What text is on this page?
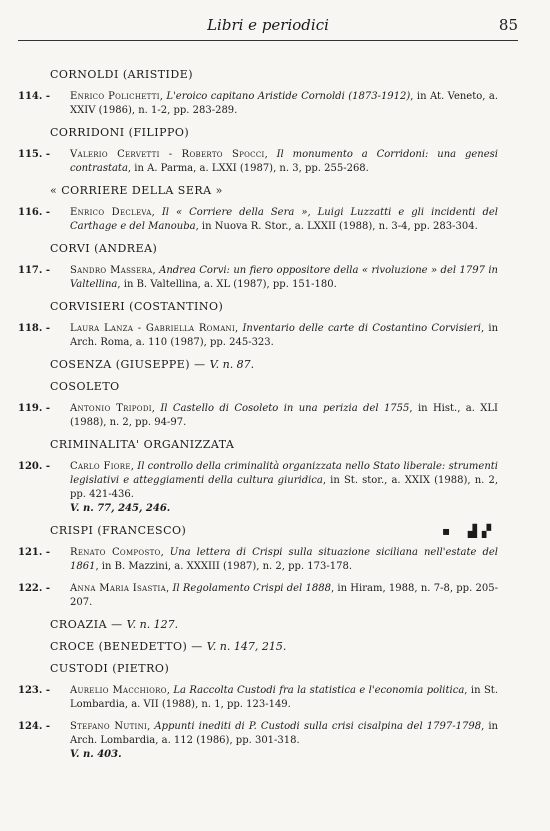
Libri e periodici	85
CORNOLDI (ARISTIDE)
114. - Enrico Polichetti, L'eroico capitano Aristide Cornoldi (1873-1912), in At. Veneto, a. XXIV (1986), n. 1-2, pp. 283-289.
CORRIDONI (FILIPPO)
115. - Valerio Cervetti - Roberto Spocci, Il monumento a Corridoni: una genesi contrastata, in A. Parma, a. LXXI (1987), n. 3, pp. 255-268.
« CORRIERE DELLA SERA »
116. - Enrico Decleva, Il « Corriere della Sera », Luigi Luzzatti e gli incidenti del Carthage e del Manouba, in Nuova R. Stor., a. LXXII (1988), n. 3-4, pp. 283-304.
CORVI (ANDREA)
117. - Sandro Massera, Andrea Corvi: un fiero oppositore della « rivoluzione » del 1797 in Valtellina, in B. Valtellina, a. XL (1987), pp. 151-180.
CORVISIERI (COSTANTINO)
118. - Laura Lanza - Gabriella Romani, Inventario delle carte di Costantino Corvisieri, in Arch. Roma, a. 110 (1987), pp. 245-323.
COSENZA (GIUSEPPE) — V. n. 87.
COSOLETO
119. - Antonio Tripodi, Il Castello di Cosoleto in una perizia del 1755, in Hist., a. XLI (1988), n. 2, pp. 94-97.
CRIMINALITA' ORGANIZZATA
120. - Carlo Fiore, Il controllo della criminalità organizzata nello Stato liberale: strumenti legislativi e atteggiamenti della cultura giuridica, in St. stor., a. XXIX (1988), n. 2, pp. 421-436.
V. n. 77, 245, 246.
CRISPI (FRANCESCO)	▪    ▟ ▞
121. - Renato Composto, Una lettera di Crispi sulla situazione siciliana nell'estate del 1861, in B. Mazzini, a. XXXIII (1987), n. 2, pp. 173-178.
122. - Anna Maria Isastia, Il Regolamento Crispi del 1888, in Hiram, 1988, n. 7-8, pp. 205-207.
CROAZIA — V. n. 127.
CROCE (BENEDETTO) — V. n. 147, 215.
CUSTODI (PIETRO)
123. - Aurelio Macchioro, La Raccolta Custodi fra la statistica e l'economia politica, in St. Lombardia, a. VII (1988), n. 1, pp. 123-149.
124. - Stefano Nutini, Appunti inediti di P. Custodi sulla crisi cisalpina del 1797-1798, in Arch. Lombardia, a. 112 (1986), pp. 301-318.
V. n. 403.
